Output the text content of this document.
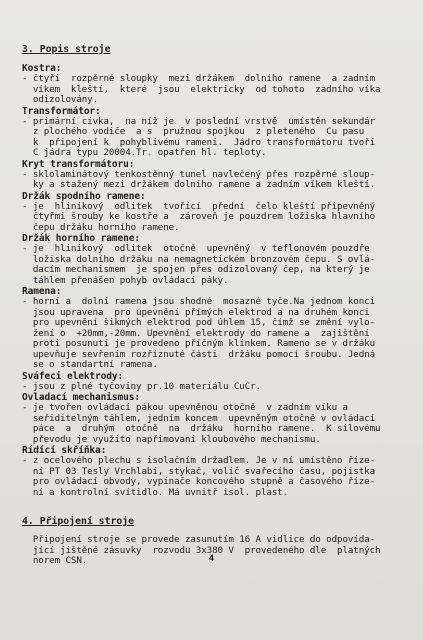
3. Popis stroje
Kostra:
- čtyři  rozpěrné sloupky  mezi držákem  dolního ramene  a zadním
víkem  kleští,  které  jsou  elektricky  od tohoto  zadního víka
odizolovány.
Transformátor:
- primární cívka,  na níž je  v poslední vrstvě  umístěn sekundár
z plochého vodiče  a s  pružnou spojkou  z pleteného  Cu pasu
k  připojení k  pohyblivému rameni.  Jádro transformátoru tvoří
C jádra typu 20004.Tr. opatřen hl. teploty.
Kryt transformátoru:
- sklolaminátový tenkostěnný tunel navlečený přes rozpěrné sloup-
ky a stažený mezi držákem dolního ramene a zadním víkem kleští.
Držák spodního ramene:
- je  hliníkový  odlitek  tvořící  přední  čelo kleští připevněný
čtyřmi šrouby ke kostře a  zároveň je pouzdrem ložiska hlavního
čepu držáku horního ramene.
Držák horního ramene:
- je  hliníkový  odlitek  otočně  upevněný  v teflonovém pouzdře
ložiska dolního držáku na nemagnetickém bronzovém čepu. S ovlá-
dacím mechanismem  je spojen přes odizolovaný čep, na který je
táhlem přenášen pohyb ovládací páky.
Ramena:
- horní a  dolní ramena jsou shodné  mosazné tyče.Na jednom konci
jsou upravena  pro upevnění přímých elektrod a na druhém konci
pro upevnění šikmých elektrod pod úhlem 15, čímž se změní vylo-
žení o  +20mm,-20mm. Upevnění elektrody do ramene a  zajištění
proti posunutí je provedeno příčným klínkem. Rameno se v držáku
upevňuje sevřením rozříznuté části  držáku pomocí šroubu. Jedná
se o standartní ramena.
Sváfeci elektrody:
- jsou z plné tyčoviny pr.10 materiálu CuCr.
Ovladací mechanismus:
- je tvořen ovládací pákou upevněnou otočně  v zadním víku a
seřiditelným táhlem, jedním koncem  upevněným otočně v ovládací
páce  a  druhým  otočně  na  držáku  horního ramene.  K silovému
převodu je využito napřimovaní kloubového mechanismu.
Řídící skříňka:
- z ocelového plechu s isolačním držadlem. Je v ní umístěno říze-
ní PT 03 Tesly Vrchlabí, stykač, volič svařecího času, pojistka
pro ovládací obvody, vypínače koncového stupně a časového říze-
ní a kontrolní svítidlo. Má uvnitř isol. plast.
4. Připojení stroje
Připojení stroje se provede zasunutím 16 A vidlice do odpovída-
jící jištěné zásuvky  rozvodu 3x380 V  provedeného dle  platných
norem ČSN.	4
